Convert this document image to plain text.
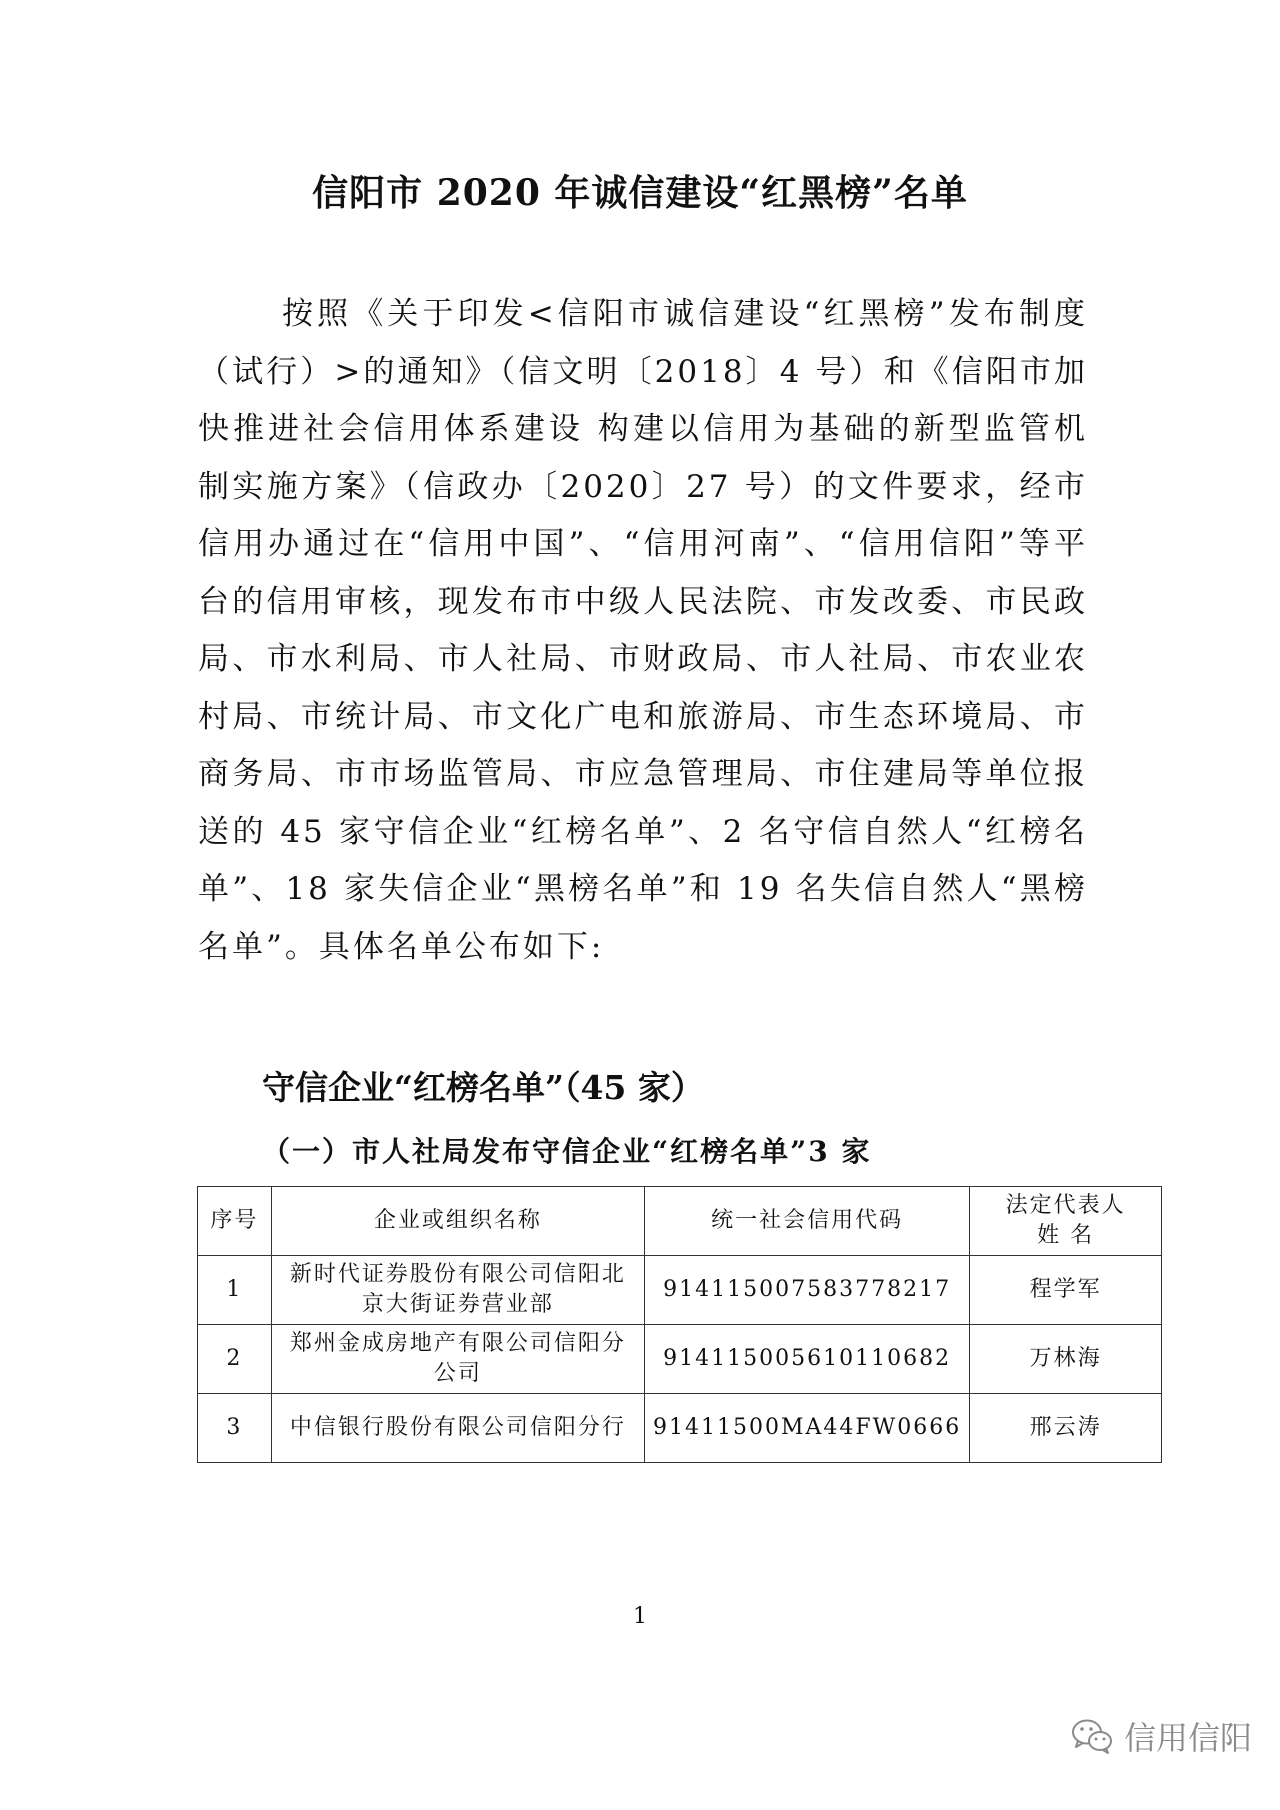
信阳市 2020 年诚信建设“红黑榜”名单

按照《关于印发<信阳市诚信建设“红黑榜”发布制度（试行）>的通知》（信文明〔2018〕4 号）和《信阳市加快推进社会信用体系建设 构建以信用为基础的新型监管机制实施方案》（信政办〔2020〕27 号）的文件要求，经市信用办通过在“信用中国”、“信用河南”、“信用信阳”等平台的信用审核，现发布市中级人民法院、市发改委、市民政局、市水利局、市人社局、市财政局、市人社局、市农业农村局、市统计局、市文化广电和旅游局、市生态环境局、市商务局、市市场监管局、市应急管理局、市住建局等单位报送的 45 家守信企业“红榜名单”、2 名守信自然人“红榜名单”、18 家失信企业“黑榜名单”和 19 名失信自然人“黑榜名单”。具体名单公布如下:

守信企业“红榜名单”（45 家）
（一）市人社局发布守信企业“红榜名单”3 家
序号	企业或组织名称	统一社会信用代码	法定代表人
姓 名
1	新时代证券股份有限公司信阳北京大街证券营业部	914115007583778217	程学军
2	郑州金成房地产有限公司信阳分公司	914115005610110682	万林海
3	中信银行股份有限公司信阳分行	91411500MA44FW0666	邢云涛

1

信用信阳
